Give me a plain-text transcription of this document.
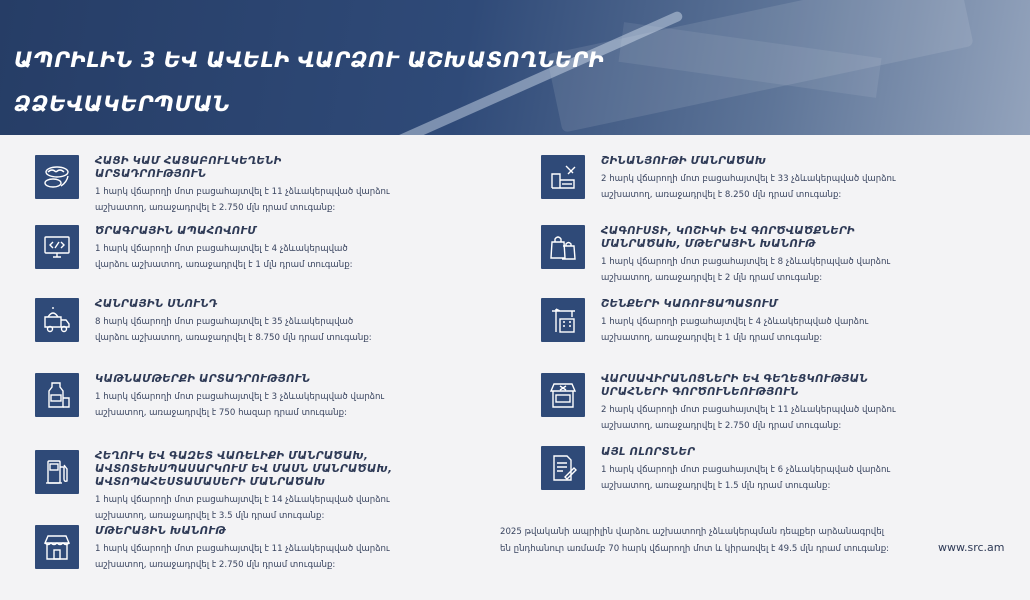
ԱՊՐԻԼԻՆ 3 ԵՎ ԱՎԵԼԻ ՎԱՐՁՈՒ ԱՇԽԱՏՈՂՆԵՐԻ ՁՁԵՎԱԿԵՐՊՄԱՆ
ՀԱՑԻ ԿԱՄ ՀԱՑԱԲՈՒԼԿԵՂԵՆԻ ԱՐՏԱԴՐՈՒԹՅՈՒՆ
1 հարկ վճարողի մոտ բացահայտվել է 11 չձևակերպված վարձու
աշխատող, առաջադրվել է 2.750 մլն դրամ տուգանք:
ԾՐԱԳՐԱՅԻՆ ԱՊԱՀՈՎՈՒՄ
1 հարկ վճարողի մոտ բացահայտվել է 4 չձևակերպված
վարձու աշխատող, առաջադրվել է 1 մլն դրամ տուգանք:
ՀԱՆՐԱՅԻՆ ՍՆՈՒՆԴ
8 հարկ վճարողի մոտ բացահայտվել է 35 չձևակերպված
վարձու աշխատող, առաջադրվել է 8.750 մլն դրամ տուգանք:
ԿԱԹՆԱՄԹԵՐՔԻ ԱՐՏԱԴՐՈՒԹՅՈՒՆ
1 հարկ վճարողի մոտ բացահայտվել է 3 չձևակերպված վարձու
աշխատող, առաջադրվել է 750 հազար դրամ տուգանք:
ՀԵՂՈՒԿ ԵՎ ԳԱԶԵՏ ՎԱՌԵԼԻՔԻ ՄԱՆՐԱԾԱԽ, ԱՎՏՈՏԵԽՍՊԱՍԱՐԿՈՒՄ ԵՎ ՄԱՍՆ ՄԱՆՐԱԾԱԽ, ԱՎՏՈՊԱՀԵՍՏԱՄԱՍԵՐԻ ՄԱՆՐԱԾԱԽ
1 հարկ վճարողի մոտ բացահայտվել է 14 չձևակերպված վարձու
աշխատող, առաջադրվել է 3.5 մլն դրամ տուգանք:
ՄԹԵՐԱՅԻՆ ԽԱՆՈՒԹ
1 հարկ վճարողի մոտ բացահայտվել է 11 չձևակերպված վարձու
աշխատող, առաջադրվել է 2.750 մլն դրամ տուգանք:
ՇԻՆԱՆՅՈՒԹԻ ՄԱՆՐԱԾԱԽ
2 հարկ վճարողի մոտ բացահայտվել է 33 չձևակերպված վարձու
աշխատող, առաջադրվել է 8.250 մլն դրամ տուգանք:
ՀԱԳՈՒՍՏԻ, ԿՈՇԻԿԻ ԵՎ ԳՈՐԾՎԱԾՔՆԵՐԻ ՄԱՆՐԱԾԱԽ, ՄԹԵՐԱՅԻՆ ԽԱՆՈՒԹ
1 հարկ վճարողի մոտ բացահայտվել է 8 չձևակերպված վարձու
աշխատող, առաջադրվել է 2 մլն դրամ տուգանք:
ՇԵՆՔԵՐԻ ԿԱՌՈՒՑԱՊԱՏՈՒՄ
1 հարկ վճարողի բացահայտվել է 4 չձևակերպված վարձու
աշխատող, առաջադրվել է 1 մլն դրամ տուգանք:
ՎԱՐՍԱՎԻՐԱՆՈՑՆԵՐԻ ԵՎ ԳԵՂԵՑԿՈՒԹՅԱՆ ՍՐԱՀՆԵՐԻ ԳՈՐԾՈՒՆԵՈՒԹՅՈՒՆ
2 հարկ վճարողի մոտ բացահայտվել է 11 չձևակերպված վարձու
աշխատող, առաջադրվել է 2.750 մլն դրամ տուգանք:
ԱՅԼ ՈԼՈՐՏՆԵՐ
1 հարկ վճարողի մոտ բացահայտվել է 6 չձևակերպված վարձու
աշխատող, առաջադրվել է 1.5 մլն դրամ տուգանք:
2025 թվականի ապրիլին վարձու աշխատողի չձևակերպման դեպքեր արձանագրվել
են ընդհանուր առմամբ 70 հարկ վճարողի մոտ և կիրառվել է 49.5 մլն դրամ տուգանք:	www.src.am
